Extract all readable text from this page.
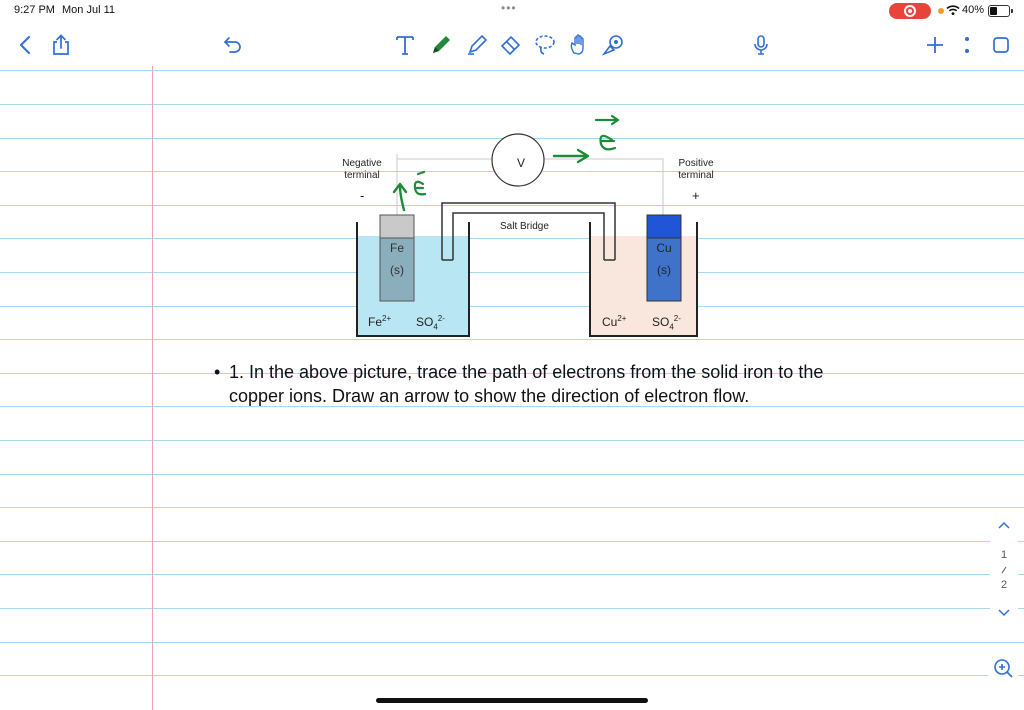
9:27 PM Mon Jul 11	•••	40%
Negative
terminal
-
Positive
terminal
+
V
Salt Bridge
Fe
(s)
Cu
(s)
$Fe^{2+}$ $SO_4^{2-}$	$Cu^{2+}$ $SO_4^{2-}$
• 1. In the above picture, trace the path of electrons from the solid iron to the copper ions. Draw an arrow to show the direction of electron flow.
1
2
